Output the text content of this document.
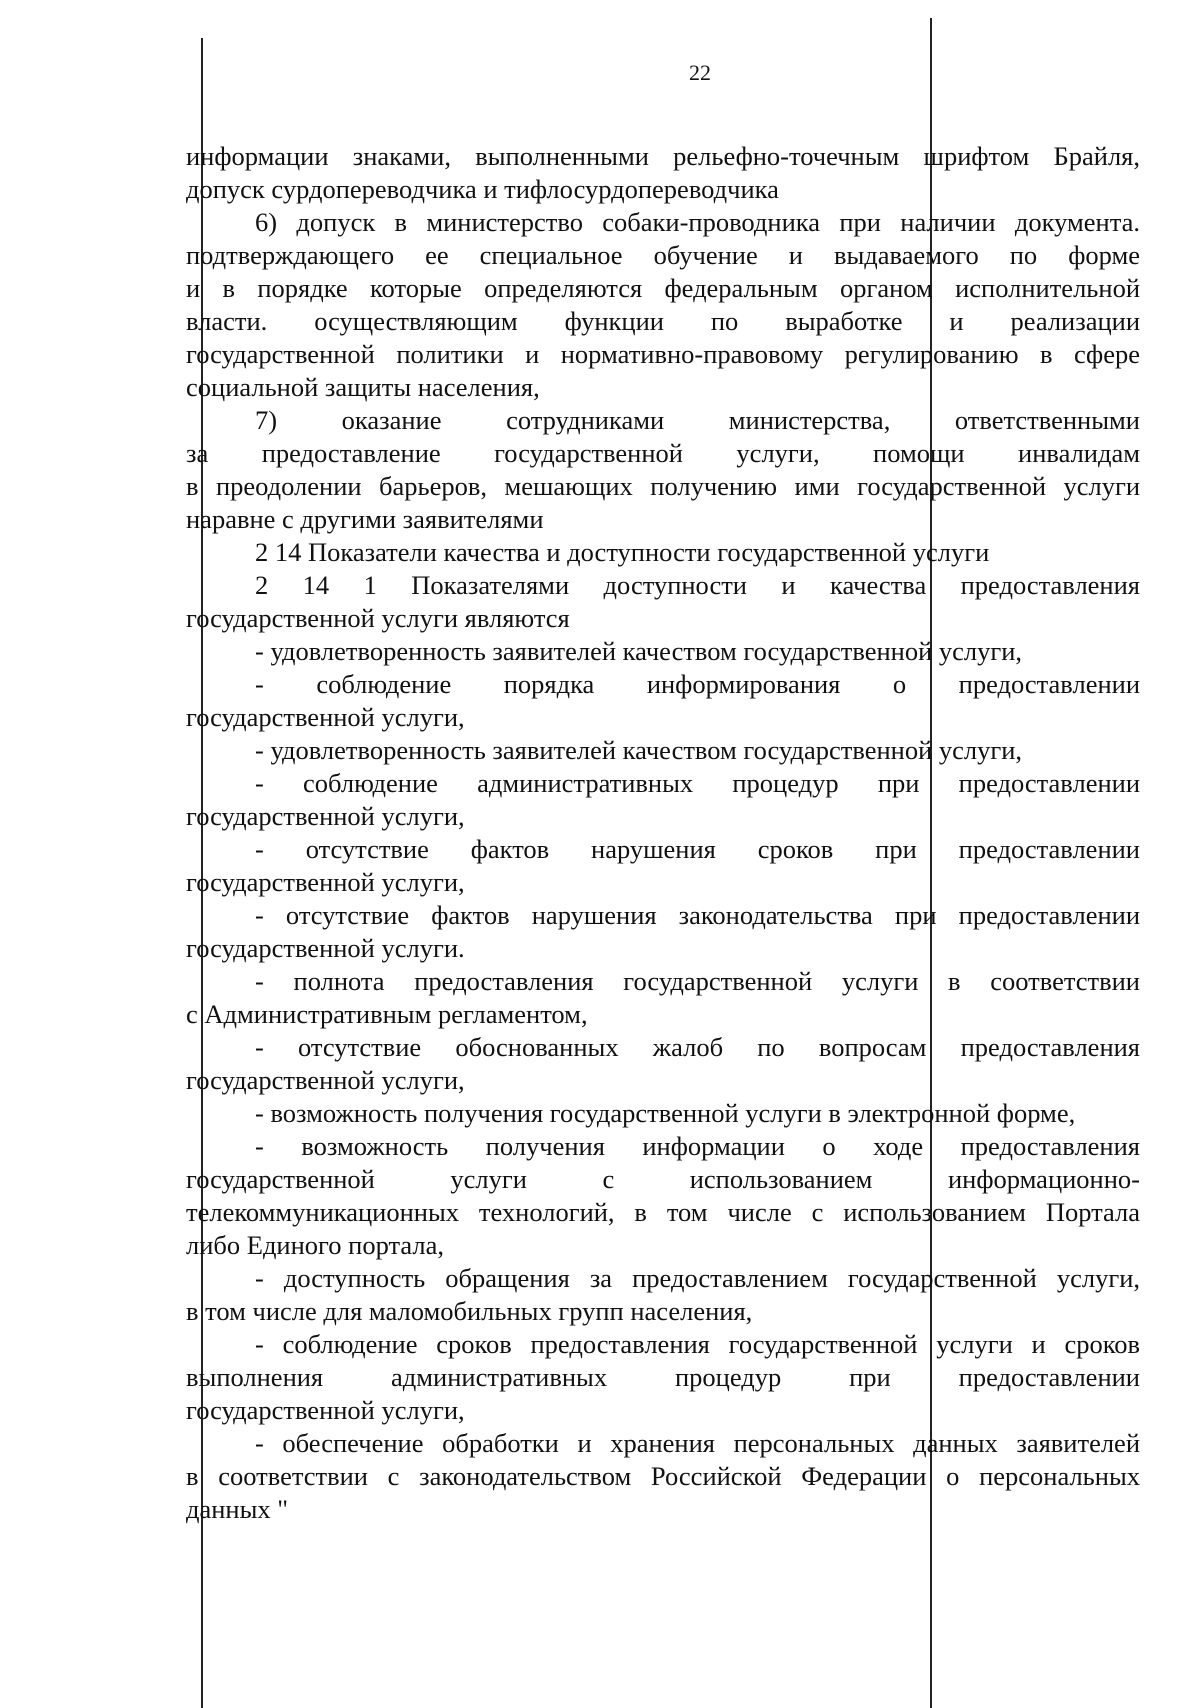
22
информации знаками, выполненными рельефно-точечным шрифтом Брайля,
допуск сурдопереводчика и тифлосурдопереводчика
6) допуск в министерство собаки-проводника при наличии документа.
подтверждающего ее специальное обучение и выдаваемого по форме
и в порядке которые определяются федеральным органом исполнительной
власти. осуществляющим функции по выработке и реализации
государственной политики и нормативно-правовому регулированию в сфере
социальной защиты населения,
7) оказание сотрудниками министерства, ответственными
за предоставление государственной услуги, помощи инвалидам
в преодолении барьеров, мешающих получению ими государственной услуги
наравне с другими заявителями
2 14 Показатели качества и доступности государственной услуги
2 14 1 Показателями доступности и качества предоставления
государственной услуги являются
- удовлетворенность заявителей качеством государственной услуги,
- соблюдение порядка информирования о предоставлении
государственной услуги,
- удовлетворенность заявителей качеством государственной услуги,
- соблюдение административных процедур при предоставлении
государственной услуги,
- отсутствие фактов нарушения сроков при предоставлении
государственной услуги,
- отсутствие фактов нарушения законодательства при предоставлении
государственной услуги.
- полнота предоставления государственной услуги в соответствии
с Административным регламентом,
- отсутствие обоснованных жалоб по вопросам предоставления
государственной услуги,
- возможность получения государственной услуги в электронной форме,
- возможность получения информации о ходе предоставления
государственной услуги с использованием информационно-
телекоммуникационных технологий, в том числе с использованием Портала
либо Единого портала,
- доступность обращения за предоставлением государственной услуги,
в том числе для маломобильных групп населения,
- соблюдение сроков предоставления государственной услуги и сроков
выполнения административных процедур при предоставлении
государственной услуги,
- обеспечение обработки и хранения персональных данных заявителей
в соответствии с законодательством Российской Федерации о персональных
данных "
